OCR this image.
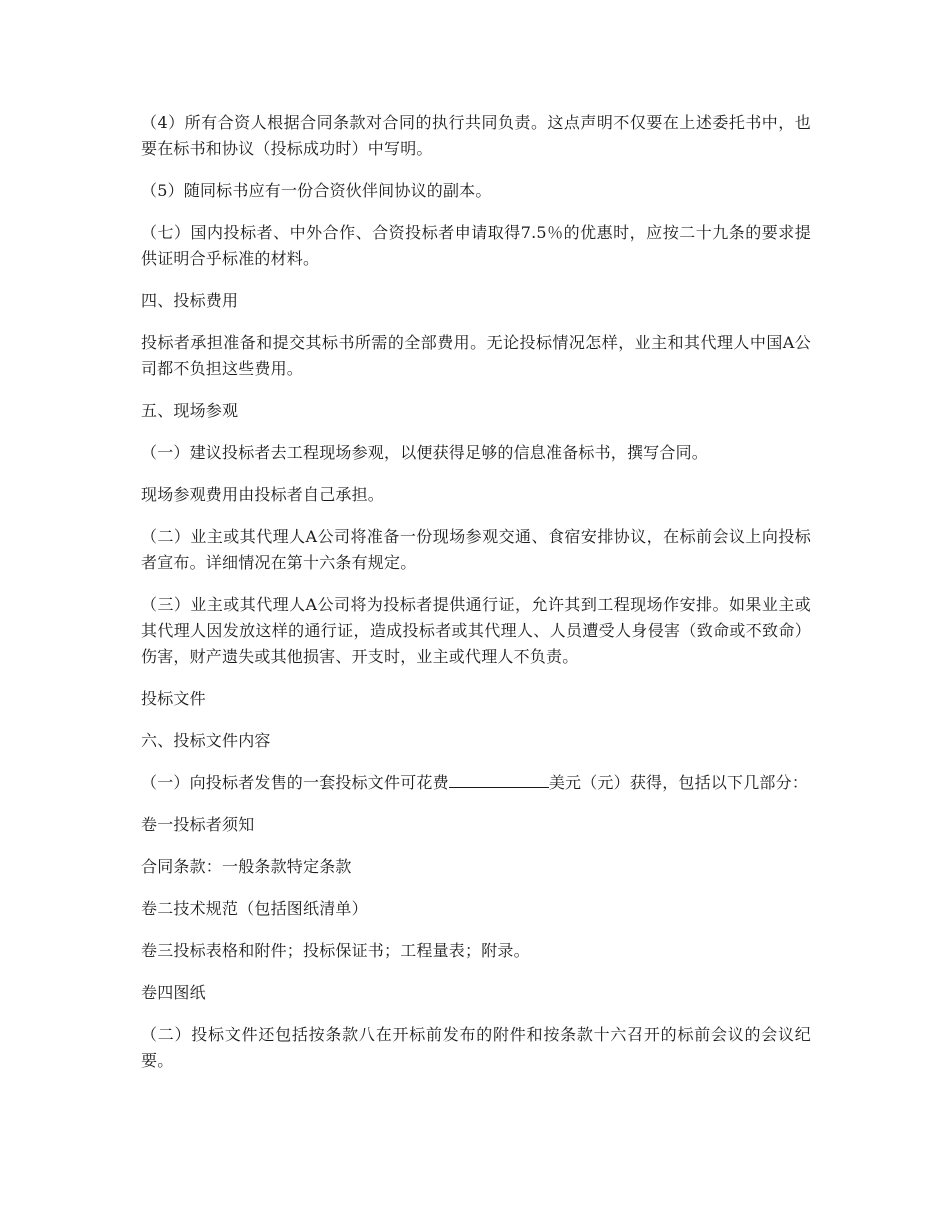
（4）所有合资人根据合同条款对合同的执行共同负责。这点声明不仅要在上述委托书中，也要在标书和协议（投标成功时）中写明。

（5）随同标书应有一份合资伙伴间协议的副本。

（七）国内投标者、中外合作、合资投标者申请取得7.5％的优惠时，应按二十九条的要求提供证明合乎标准的材料。

四、投标费用

投标者承担准备和提交其标书所需的全部费用。无论投标情况怎样，业主和其代理人中国A公司都不负担这些费用。

五、现场参观

（一）建议投标者去工程现场参观，以便获得足够的信息准备标书，撰写合同。

现场参观费用由投标者自己承担。

（二）业主或其代理人A公司将准备一份现场参观交通、食宿安排协议，在标前会议上向投标者宣布。详细情况在第十六条有规定。

（三）业主或其代理人A公司将为投标者提供通行证，允许其到工程现场作安排。如果业主或其代理人因发放这样的通行证，造成投标者或其代理人、人员遭受人身侵害（致命或不致命）伤害，财产遗失或其他损害、开支时，业主或代理人不负责。

投标文件

六、投标文件内容

（一）向投标者发售的一套投标文件可花费	美元（元）获得，包括以下几部分：

卷一投标者须知

合同条款：一般条款特定条款

卷二技术规范（包括图纸清单）

卷三投标表格和附件；投标保证书；工程量表；附录。

卷四图纸

（二）投标文件还包括按条款八在开标前发布的附件和按条款十六召开的标前会议的会议纪要。
